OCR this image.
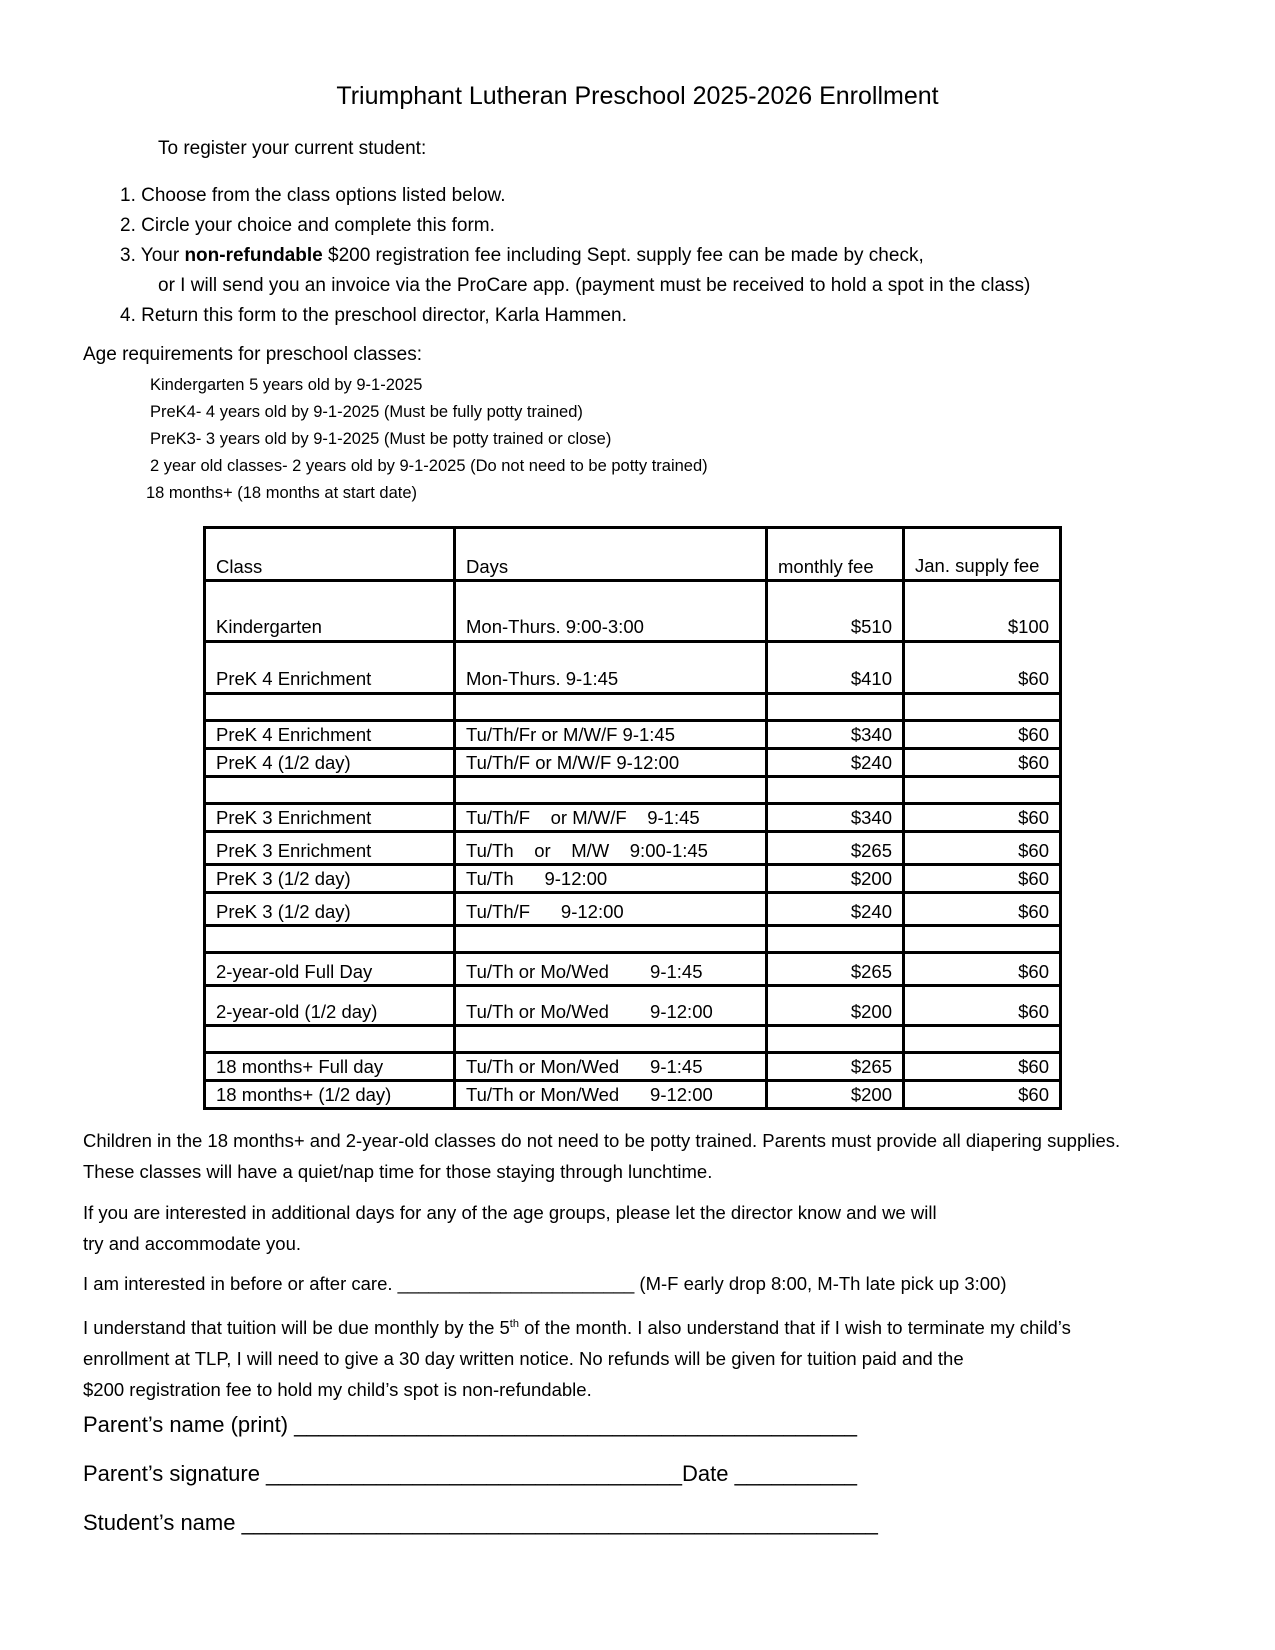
Triumphant Lutheran Preschool 2025-2026 Enrollment
To register your current student:
1. Choose from the class options listed below.
2. Circle your choice and complete this form.
3. Your non-refundable $200 registration fee including Sept. supply fee can be made by check,
or I will send you an invoice via the ProCare app. (payment must be received to hold a spot in the class)
4. Return this form to the preschool director, Karla Hammen.
Age requirements for preschool classes:
Kindergarten 5 years old by 9-1-2025
PreK4- 4 years old by 9-1-2025 (Must be fully potty trained)
PreK3- 3 years old by 9-1-2025 (Must be potty trained or close)
2 year old classes- 2 years old by 9-1-2025 (Do not need to be potty trained)
18 months+ (18 months at start date)
Class	Days	monthly fee	Jan. supply fee
Kindergarten	Mon-Thurs. 9:00-3:00	$510	$100
PreK 4 Enrichment	Mon-Thurs. 9-1:45	$410	$60

PreK 4 Enrichment	Tu/Th/Fr or M/W/F 9-1:45	$340	$60
PreK 4 (1/2 day)	Tu/Th/F or M/W/F 9-12:00	$240	$60

PreK 3 Enrichment	Tu/Th/F    or M/W/F    9-1:45	$340	$60
PreK 3 Enrichment	Tu/Th    or    M/W    9:00-1:45	$265	$60
PreK 3 (1/2 day)	Tu/Th      9-12:00	$200	$60
PreK 3 (1/2 day)	Tu/Th/F      9-12:00	$240	$60

2-year-old Full Day	Tu/Th or Mo/Wed        9-1:45	$265	$60
2-year-old (1/2 day)	Tu/Th or Mo/Wed        9-12:00	$200	$60

18 months+ Full day	Tu/Th or Mon/Wed      9-1:45	$265	$60
18 months+ (1/2 day)	Tu/Th or Mon/Wed      9-12:00	$200	$60
Children in the 18 months+ and 2-year-old classes do not need to be potty trained. Parents must provide all diapering supplies.
These classes will have a quiet/nap time for those staying through lunchtime.
If you are interested in additional days for any of the age groups, please let the director know and we will
try and accommodate you.
I am interested in before or after care. _______________________ (M-F early drop 8:00, M-Th late pick up 3:00)
I understand that tuition will be due monthly by the 5th of the month. I also understand that if I wish to terminate my child’s
enrollment at TLP, I will need to give a 30 day written notice. No refunds will be given for tuition paid and the
$200 registration fee to hold my child’s spot is non-refundable.
Parent’s name (print) ______________________________________________
Parent’s signature __________________________________Date __________
Student’s name ____________________________________________________
